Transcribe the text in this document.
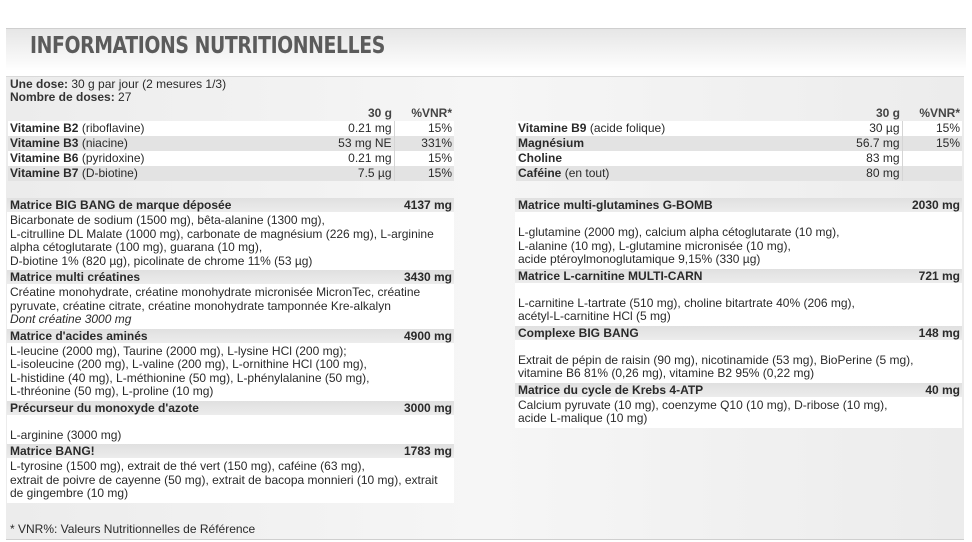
INFORMATIONS NUTRITIONNELLES
Une dose: 30 g par jour (2 mesures 1/3)
Nombre de doses: 27
	30 g	%VNR*
Vitamine B2 (riboflavine)	0.21 mg	15%
Vitamine B3 (niacine)	53 mg NE	331%
Vitamine B6 (pyridoxine)	0.21 mg	15%
Vitamine B7 (D-biotine)	7.5 µg	15%
	30 g	%VNR*
Vitamine B9 (acide folique)	30 µg	15%
Magnésium	56.7 mg	15%
Choline	83 mg	
Caféine (en tout)	80 mg	
Matrice BIG BANG de marque déposée	4137 mg
Bicarbonate de sodium (1500 mg), bêta-alanine (1300 mg),
L-citrulline DL Malate (1000 mg), carbonate de magnésium (226 mg), L-arginine
alpha cétoglutarate (100 mg), guarana (10 mg),
D-biotine 1% (820 µg), picolinate de chrome 11% (53 µg)
Matrice multi créatines	3430 mg
Créatine monohydrate, créatine monohydrate micronisée MicronTec, créatine
pyruvate, créatine citrate, créatine monohydrate tamponnée Kre-alkalyn
Dont créatine 3000 mg
Matrice d'acides aminés	4900 mg
L-leucine (2000 mg), Taurine (2000 mg), L-lysine HCl (200 mg);
L-isoleucine (200 mg), L-valine (200 mg), L-ornithine HCl (100 mg),
L-histidine (40 mg), L-méthionine (50 mg), L-phénylalanine (50 mg),
L-thréonine (50 mg), L-proline (10 mg)
Précurseur du monoxyde d'azote	3000 mg
L-arginine (3000 mg)
Matrice BANG!	1783 mg
L-tyrosine (1500 mg), extrait de thé vert (150 mg), caféine (63 mg),
extrait de poivre de cayenne (50 mg), extrait de bacopa monnieri (10 mg), extrait
de gingembre (10 mg)
Matrice multi-glutamines G-BOMB	2030 mg
L-glutamine (2000 mg), calcium alpha cétoglutarate (10 mg),
L-alanine (10 mg), L-glutamine micronisée (10 mg),
acide ptéroylmonoglutamique 9,15% (330 µg)
Matrice L-carnitine MULTI-CARN	721 mg
L-carnitine L-tartrate (510 mg), choline bitartrate 40% (206 mg),
acétyl-L-carnitine HCl (5 mg)
Complexe BIG BANG	148 mg
Extrait de pépin de raisin (90 mg), nicotinamide (53 mg), BioPerine (5 mg),
vitamine B6 81% (0,26 mg), vitamine B2 95% (0,22 mg)
Matrice du cycle de Krebs 4-ATP	40 mg
Calcium pyruvate (10 mg), coenzyme Q10 (10 mg), D-ribose (10 mg),
acide L-malique (10 mg)
* VNR%: Valeurs Nutritionnelles de Référence
